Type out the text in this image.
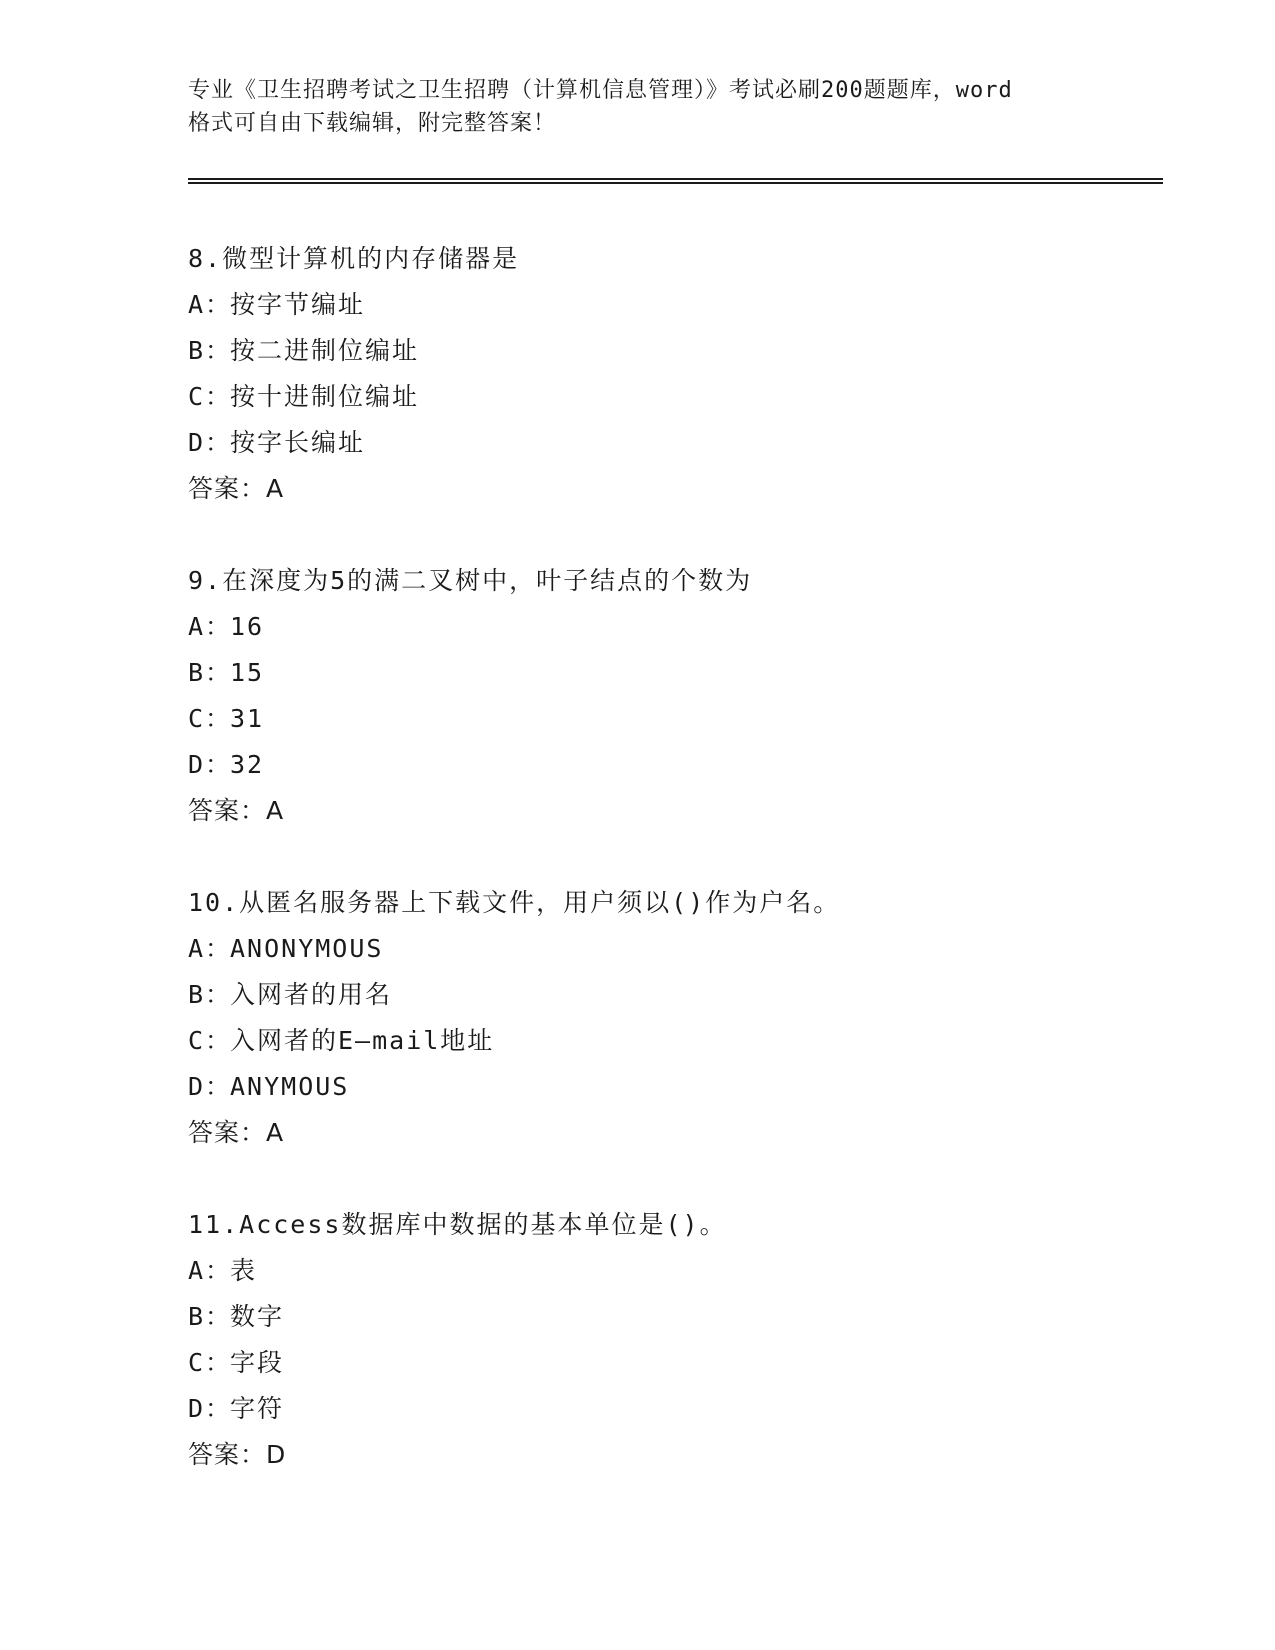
专业《卫生招聘考试之卫生招聘（计算机信息管理）》考试必刷200题题库，word
格式可自由下载编辑，附完整答案！
8.微型计算机的内存储器是
A：按字节编址
B：按二进制位编址
C：按十进制位编址
D：按字长编址
答案：A
9.在深度为5的满二叉树中，叶子结点的个数为
A：16
B：15
C：31
D：32
答案：A
10.从匿名服务器上下载文件，用户须以()作为户名。
A：ANONYMOUS
B：入网者的用名
C：入网者的E—mail地址
D：ANYMOUS
答案：A
11.Access数据库中数据的基本单位是()。
A：表
B：数字
C：字段
D：字符
答案：D
